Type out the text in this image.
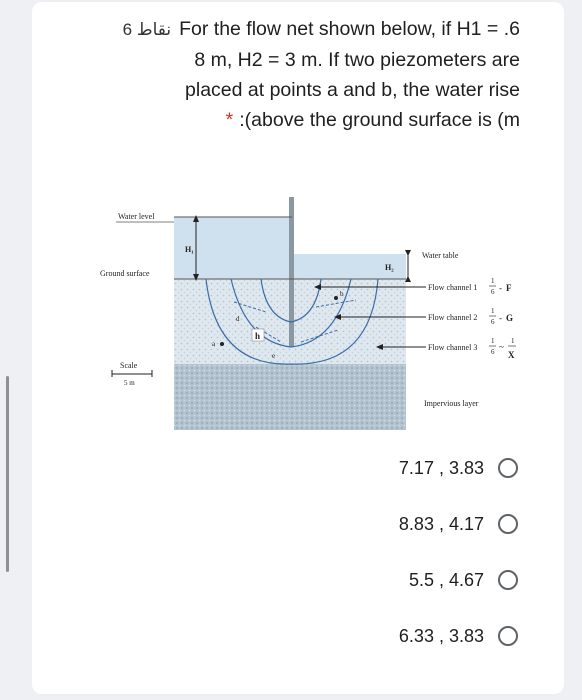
نقاط 6 For the flow net shown below, if H1 = .6
8 m, H2 = 3 m. If two piezometers are
placed at points a and b, the water rise
* :(above the ground surface is (m
Water level
Ground surface
H₁
H₂
Water table
a
b
d
e
h
Flow channel 1
1
6 - F
Flow channel 2
1
6 - G
Flow channel 3
1
6 ~
1
X
Scale
5 m
Impervious layer
7.17 , 3.83
8.83 , 4.17
5.5 , 4.67
6.33 , 3.83
